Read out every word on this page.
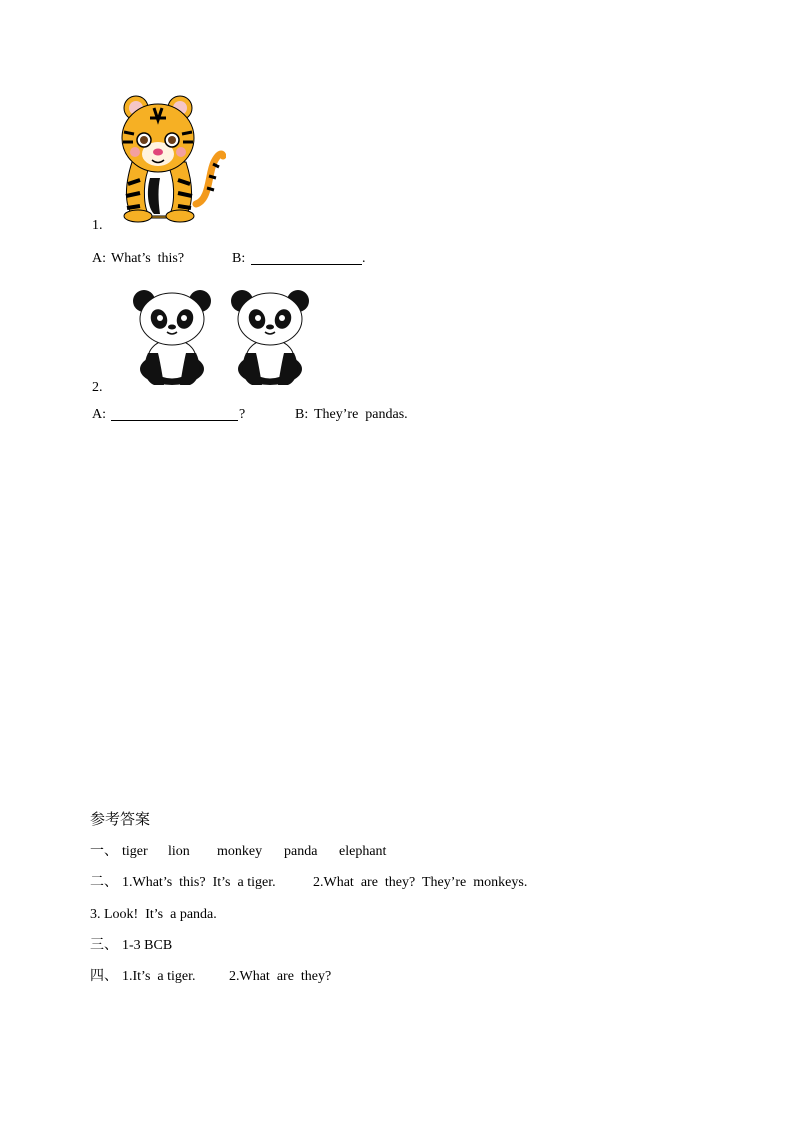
1.
A: What’s  this?	B:	.
2.
A:	?	B: They’re  pandas.
参考答案
一、 tiger lion monkey panda elephant
二、 1.What’s  this?  It’s  a tiger.	2.What  are  they?  They’re  monkeys.
3. Look!  It’s  a panda.
三、 1-3 BCB
四、 1.It’s  a tiger. 2.What  are  they?
